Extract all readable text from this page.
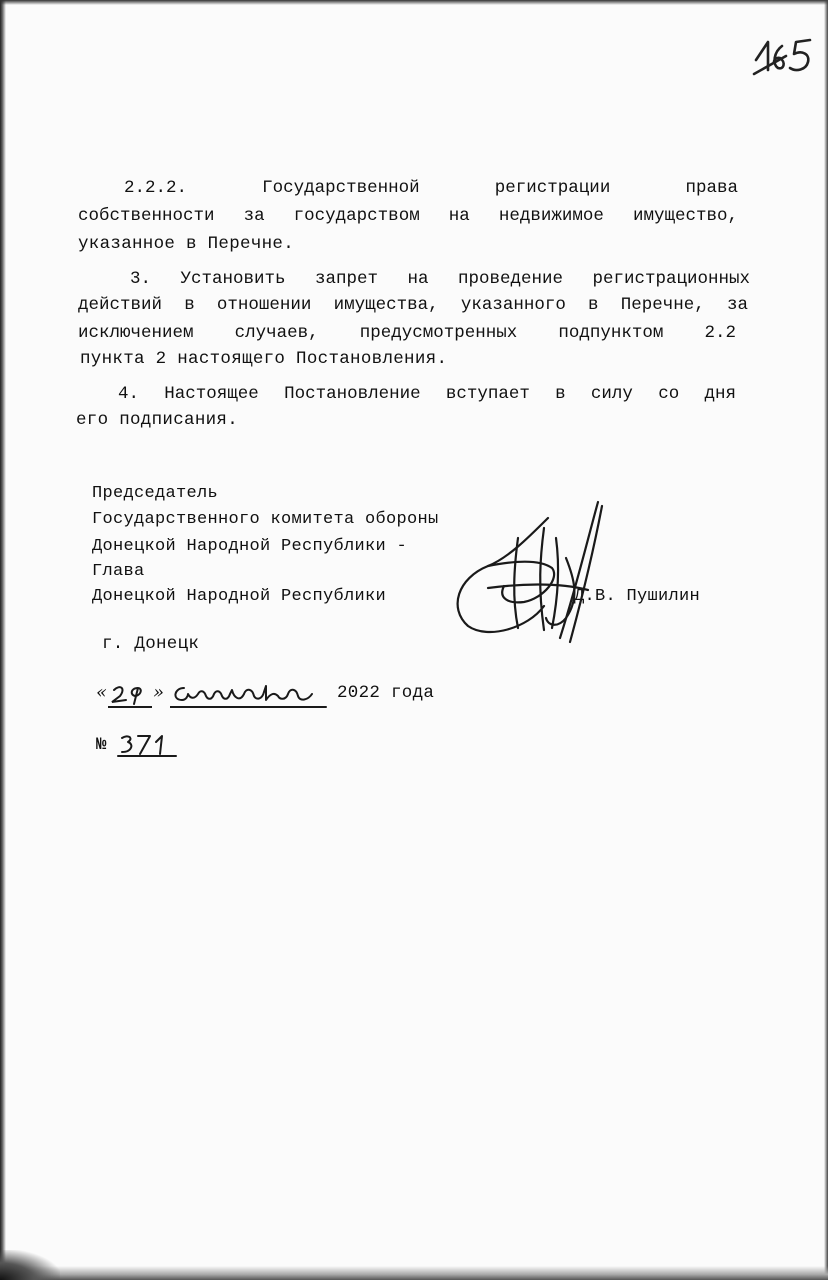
2.2.2.	Государственной	регистрации	права
собственности за государством на недвижимое имущество,
указанное в Перечне.
3. Установить запрет на проведение регистрационных
действий в отношении имущества, указанного в Перечне, за
исключением случаев, предусмотренных подпунктом 2.2
пункта 2 настоящего Постановления.
4. Настоящее Постановление вступает в силу со дня
его подписания.
Председатель
Государственного комитета обороны
Донецкой Народной Республики -
Глава
Донецкой Народной Республики	Д.В. Пушилин
г. Донецк
«	»	2022 года
№
